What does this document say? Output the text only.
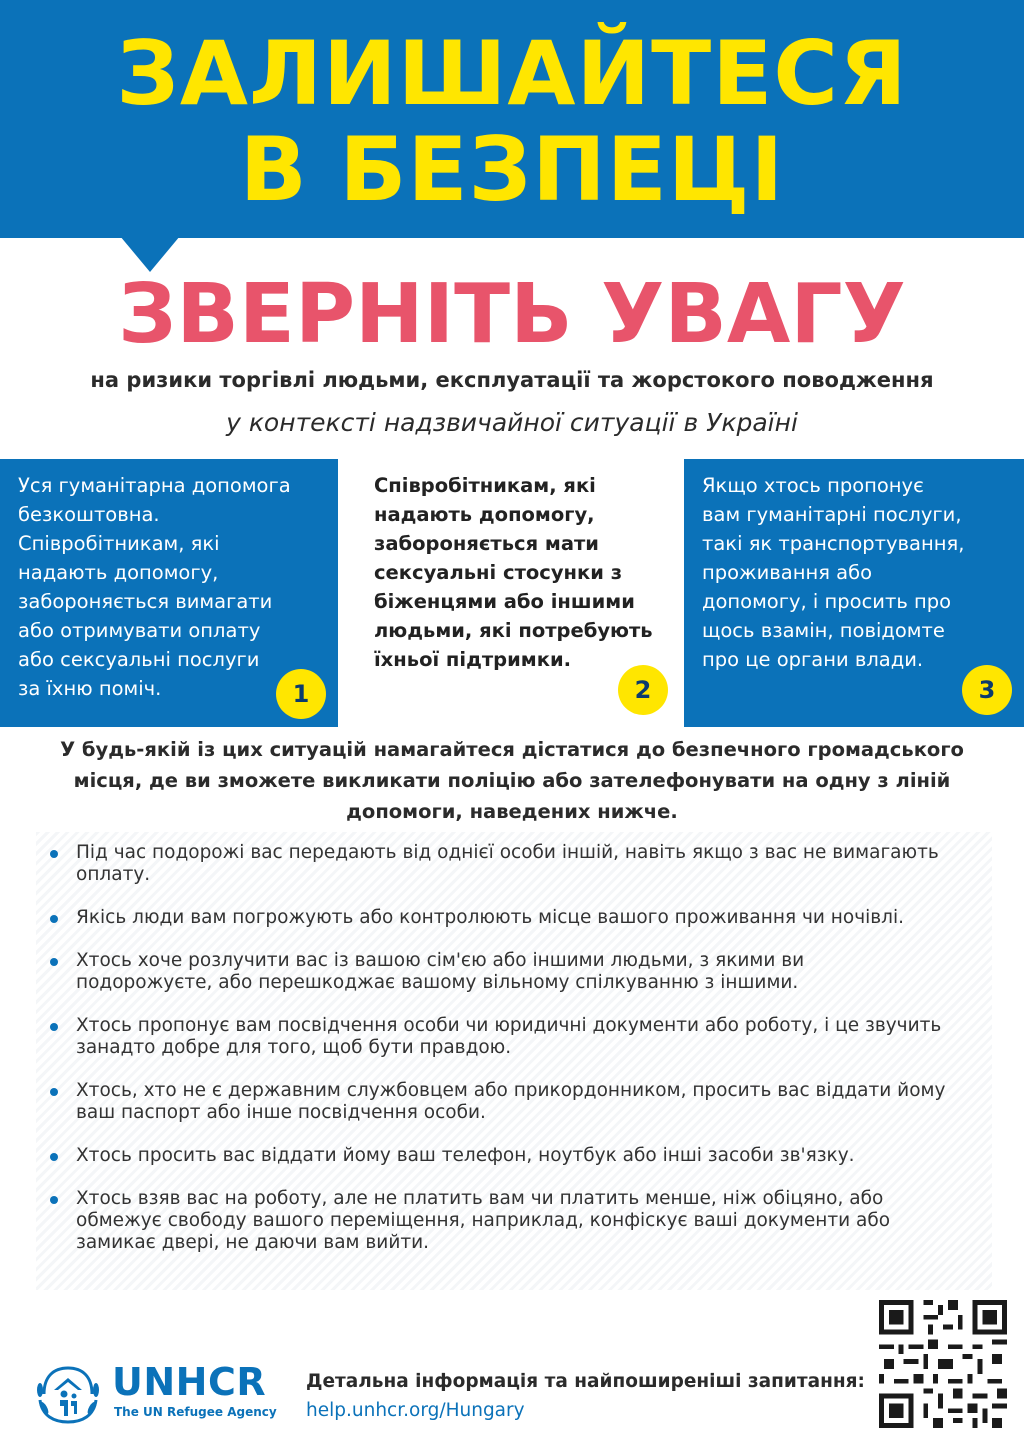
ЗАЛИШАЙТЕСЯ
В БЕЗПЕЦІ
ЗВЕРНІТЬ УВАГУ
на ризики торгівлі людьми, експлуатації та жорстокого поводження
у контексті надзвичайної ситуації в Україні
Уся гуманітарна допомога
безкоштовна.
Співробітникам, які
надають допомогу,
забороняється вимагати
або отримувати оплату
або сексуальні послуги
за їхню поміч.	1
Співробітникам, які
надають допомогу,
забороняється мати
сексуальні стосунки з
біженцями або іншими
людьми, які потребують
їхньої підтримки.
2
Якщо хтось пропонує
вам гуманітарні послуги,
такі як транспортування,
проживання або
допомогу, і просить про
щось взамін, повідомте
про це органи влади.
3
У будь-якій із цих ситуацій намагайтеся дістатися до безпечного громадського
місця, де ви зможете викликати поліцію або зателефонувати на одну з ліній
допомоги, наведених нижче.
Під час подорожі вас передають від однієї особи іншій, навіть якщо з вас не вимагають оплату.
Якісь люди вам погрожують або контролюють місце вашого проживання чи ночівлі.
Хтось хоче розлучити вас із вашою сім'єю або іншими людьми, з якими ви подорожуєте, або перешкоджає вашому вільному спілкуванню з іншими.
Хтось пропонує вам посвідчення особи чи юридичні документи або роботу, і це звучить занадто добре для того, щоб бути правдою.
Хтось, хто не є державним службовцем або прикордонником, просить вас віддати йому ваш паспорт або інше посвідчення особи.
Хтось просить вас віддати йому ваш телефон, ноутбук або інші засоби зв'язку.
Хтось взяв вас на роботу, але не платить вам чи платить менше, ніж обіцяно, або обмежує свободу вашого переміщення, наприклад, конфіскує ваші документи або замикає двері, не даючи вам вийти.
UNHCR
The UN Refugee Agency
Детальна інформація та найпоширеніші запитання:
help.unhcr.org/Hungary
